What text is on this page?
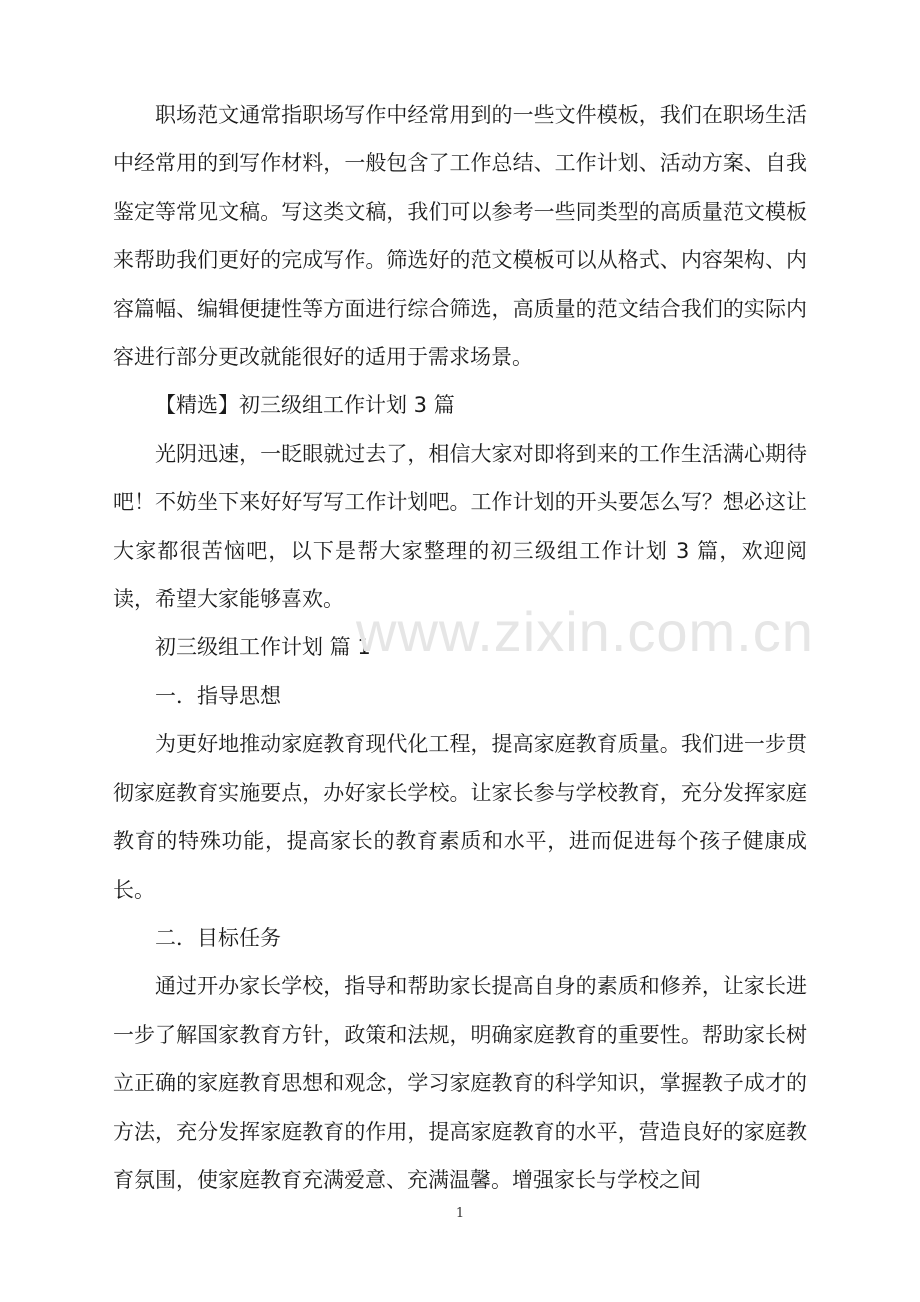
职场范文通常指职场写作中经常用到的一些文件模板，我们在职场生活中经常用的到写作材料，一般包含了工作总结、工作计划、活动方案、自我鉴定等常见文稿。写这类文稿，我们可以参考一些同类型的高质量范文模板来帮助我们更好的完成写作。筛选好的范文模板可以从格式、内容架构、内容篇幅、编辑便捷性等方面进行综合筛选，高质量的范文结合我们的实际内容进行部分更改就能很好的适用于需求场景。

【精选】初三级组工作计划 3 篇

光阴迅速，一眨眼就过去了，相信大家对即将到来的工作生活满心期待吧！不妨坐下来好好写写工作计划吧。工作计划的开头要怎么写？想必这让大家都很苦恼吧，以下是帮大家整理的初三级组工作计划 3 篇，欢迎阅读，希望大家能够喜欢。

初三级组工作计划 篇 1

一．指导思想

为更好地推动家庭教育现代化工程，提高家庭教育质量。我们进一步贯彻家庭教育实施要点，办好家长学校。让家长参与学校教育，充分发挥家庭教育的特殊功能，提高家长的教育素质和水平，进而促进每个孩子健康成长。

二．目标任务

通过开办家长学校，指导和帮助家长提高自身的素质和修养，让家长进一步了解国家教育方针，政策和法规，明确家庭教育的重要性。帮助家长树立正确的家庭教育思想和观念，学习家庭教育的科学知识，掌握教子成才的方法，充分发挥家庭教育的作用，提高家庭教育的水平，营造良好的家庭教育氛围，使家庭教育充满爱意、充满温馨。增强家长与学校之间

www.zixin.com.cn
1
